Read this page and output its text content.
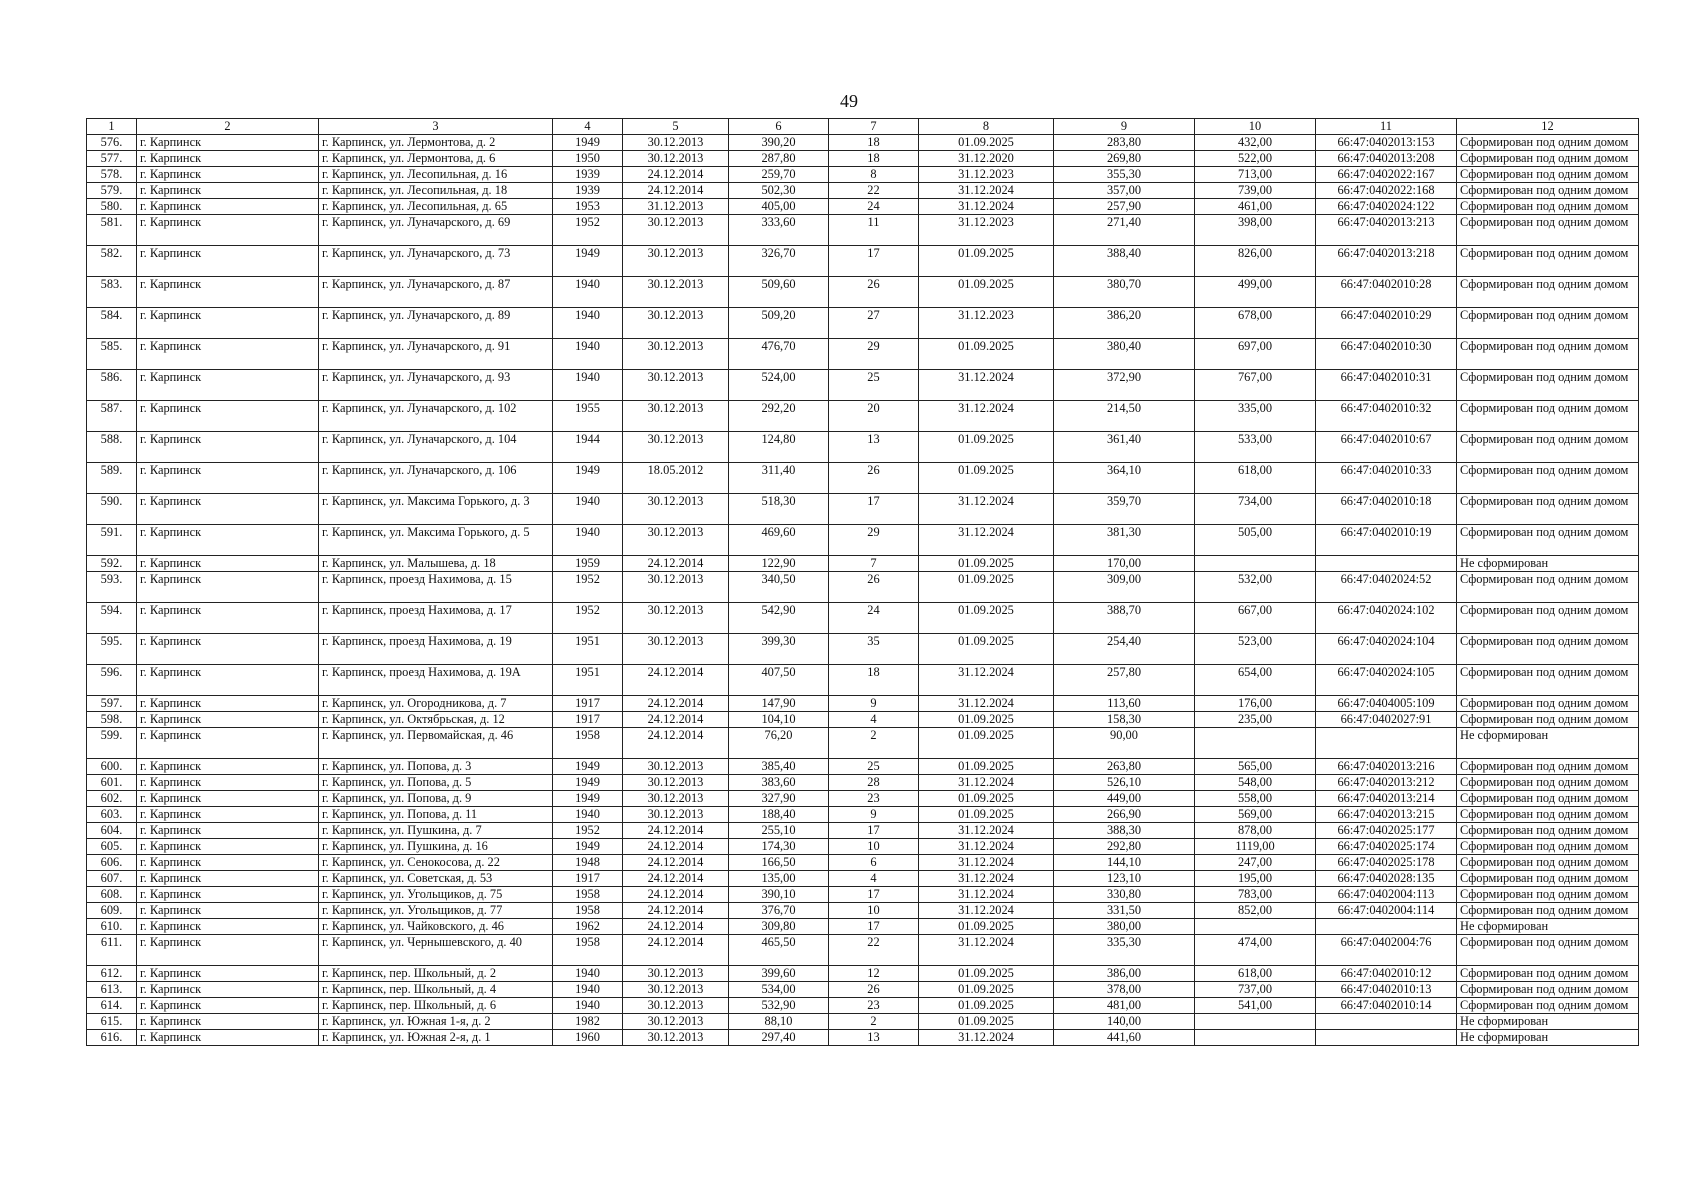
49
1	2	3	4	5	6	7	8	9	10	11	12
576.	г. Карпинск	г. Карпинск, ул. Лермонтова, д. 2	1949	30.12.2013	390,20	18	01.09.2025	283,80	432,00	66:47:0402013:153	Сформирован под одним домом
577.	г. Карпинск	г. Карпинск, ул. Лермонтова, д. 6	1950	30.12.2013	287,80	18	31.12.2020	269,80	522,00	66:47:0402013:208	Сформирован под одним домом
578.	г. Карпинск	г. Карпинск, ул. Лесопильная, д. 16	1939	24.12.2014	259,70	8	31.12.2023	355,30	713,00	66:47:0402022:167	Сформирован под одним домом
579.	г. Карпинск	г. Карпинск, ул. Лесопильная, д. 18	1939	24.12.2014	502,30	22	31.12.2024	357,00	739,00	66:47:0402022:168	Сформирован под одним домом
580.	г. Карпинск	г. Карпинск, ул. Лесопильная, д. 65	1953	31.12.2013	405,00	24	31.12.2024	257,90	461,00	66:47:0402024:122	Сформирован под одним домом
581.	г. Карпинск	г. Карпинск, ул. Луначарского, д. 69	1952	30.12.2013	333,60	11	31.12.2023	271,40	398,00	66:47:0402013:213	Сформирован под одним домом
582.	г. Карпинск	г. Карпинск, ул. Луначарского, д. 73	1949	30.12.2013	326,70	17	01.09.2025	388,40	826,00	66:47:0402013:218	Сформирован под одним домом
583.	г. Карпинск	г. Карпинск, ул. Луначарского, д. 87	1940	30.12.2013	509,60	26	01.09.2025	380,70	499,00	66:47:0402010:28	Сформирован под одним домом
584.	г. Карпинск	г. Карпинск, ул. Луначарского, д. 89	1940	30.12.2013	509,20	27	31.12.2023	386,20	678,00	66:47:0402010:29	Сформирован под одним домом
585.	г. Карпинск	г. Карпинск, ул. Луначарского, д. 91	1940	30.12.2013	476,70	29	01.09.2025	380,40	697,00	66:47:0402010:30	Сформирован под одним домом
586.	г. Карпинск	г. Карпинск, ул. Луначарского, д. 93	1940	30.12.2013	524,00	25	31.12.2024	372,90	767,00	66:47:0402010:31	Сформирован под одним домом
587.	г. Карпинск	г. Карпинск, ул. Луначарского, д. 102	1955	30.12.2013	292,20	20	31.12.2024	214,50	335,00	66:47:0402010:32	Сформирован под одним домом
588.	г. Карпинск	г. Карпинск, ул. Луначарского, д. 104	1944	30.12.2013	124,80	13	01.09.2025	361,40	533,00	66:47:0402010:67	Сформирован под одним домом
589.	г. Карпинск	г. Карпинск, ул. Луначарского, д. 106	1949	18.05.2012	311,40	26	01.09.2025	364,10	618,00	66:47:0402010:33	Сформирован под одним домом
590.	г. Карпинск	г. Карпинск, ул. Максима Горького, д. 3	1940	30.12.2013	518,30	17	31.12.2024	359,70	734,00	66:47:0402010:18	Сформирован под одним домом
591.	г. Карпинск	г. Карпинск, ул. Максима Горького, д. 5	1940	30.12.2013	469,60	29	31.12.2024	381,30	505,00	66:47:0402010:19	Сформирован под одним домом
592.	г. Карпинск	г. Карпинск, ул. Малышева, д. 18	1959	24.12.2014	122,90	7	01.09.2025	170,00			Не сформирован
593.	г. Карпинск	г. Карпинск, проезд Нахимова, д. 15	1952	30.12.2013	340,50	26	01.09.2025	309,00	532,00	66:47:0402024:52	Сформирован под одним домом
594.	г. Карпинск	г. Карпинск, проезд Нахимова, д. 17	1952	30.12.2013	542,90	24	01.09.2025	388,70	667,00	66:47:0402024:102	Сформирован под одним домом
595.	г. Карпинск	г. Карпинск, проезд Нахимова, д. 19	1951	30.12.2013	399,30	35	01.09.2025	254,40	523,00	66:47:0402024:104	Сформирован под одним домом
596.	г. Карпинск	г. Карпинск, проезд Нахимова, д. 19А	1951	24.12.2014	407,50	18	31.12.2024	257,80	654,00	66:47:0402024:105	Сформирован под одним домом
597.	г. Карпинск	г. Карпинск, ул. Огородникова, д. 7	1917	24.12.2014	147,90	9	31.12.2024	113,60	176,00	66:47:0404005:109	Сформирован под одним домом
598.	г. Карпинск	г. Карпинск, ул. Октябрьская, д. 12	1917	24.12.2014	104,10	4	01.09.2025	158,30	235,00	66:47:0402027:91	Сформирован под одним домом
599.	г. Карпинск	г. Карпинск, ул. Первомайская, д. 46	1958	24.12.2014	76,20	2	01.09.2025	90,00			Не сформирован
600.	г. Карпинск	г. Карпинск, ул. Попова, д. 3	1949	30.12.2013	385,40	25	01.09.2025	263,80	565,00	66:47:0402013:216	Сформирован под одним домом
601.	г. Карпинск	г. Карпинск, ул. Попова, д. 5	1949	30.12.2013	383,60	28	31.12.2024	526,10	548,00	66:47:0402013:212	Сформирован под одним домом
602.	г. Карпинск	г. Карпинск, ул. Попова, д. 9	1949	30.12.2013	327,90	23	01.09.2025	449,00	558,00	66:47:0402013:214	Сформирован под одним домом
603.	г. Карпинск	г. Карпинск, ул. Попова, д. 11	1940	30.12.2013	188,40	9	01.09.2025	266,90	569,00	66:47:0402013:215	Сформирован под одним домом
604.	г. Карпинск	г. Карпинск, ул. Пушкина, д. 7	1952	24.12.2014	255,10	17	31.12.2024	388,30	878,00	66:47:0402025:177	Сформирован под одним домом
605.	г. Карпинск	г. Карпинск, ул. Пушкина, д. 16	1949	24.12.2014	174,30	10	31.12.2024	292,80	1119,00	66:47:0402025:174	Сформирован под одним домом
606.	г. Карпинск	г. Карпинск, ул. Сенокосова, д. 22	1948	24.12.2014	166,50	6	31.12.2024	144,10	247,00	66:47:0402025:178	Сформирован под одним домом
607.	г. Карпинск	г. Карпинск, ул. Советская, д. 53	1917	24.12.2014	135,00	4	31.12.2024	123,10	195,00	66:47:0402028:135	Сформирован под одним домом
608.	г. Карпинск	г. Карпинск, ул. Угольщиков, д. 75	1958	24.12.2014	390,10	17	31.12.2024	330,80	783,00	66:47:0402004:113	Сформирован под одним домом
609.	г. Карпинск	г. Карпинск, ул. Угольщиков, д. 77	1958	24.12.2014	376,70	10	31.12.2024	331,50	852,00	66:47:0402004:114	Сформирован под одним домом
610.	г. Карпинск	г. Карпинск, ул. Чайковского, д. 46	1962	24.12.2014	309,80	17	01.09.2025	380,00			Не сформирован
611.	г. Карпинск	г. Карпинск, ул. Чернышевского, д. 40	1958	24.12.2014	465,50	22	31.12.2024	335,30	474,00	66:47:0402004:76	Сформирован под одним домом
612.	г. Карпинск	г. Карпинск, пер. Школьный, д. 2	1940	30.12.2013	399,60	12	01.09.2025	386,00	618,00	66:47:0402010:12	Сформирован под одним домом
613.	г. Карпинск	г. Карпинск, пер. Школьный, д. 4	1940	30.12.2013	534,00	26	01.09.2025	378,00	737,00	66:47:0402010:13	Сформирован под одним домом
614.	г. Карпинск	г. Карпинск, пер. Школьный, д. 6	1940	30.12.2013	532,90	23	01.09.2025	481,00	541,00	66:47:0402010:14	Сформирован под одним домом
615.	г. Карпинск	г. Карпинск, ул. Южная 1-я, д. 2	1982	30.12.2013	88,10	2	01.09.2025	140,00			Не сформирован
616.	г. Карпинск	г. Карпинск, ул. Южная 2-я, д. 1	1960	30.12.2013	297,40	13	31.12.2024	441,60			Не сформирован
